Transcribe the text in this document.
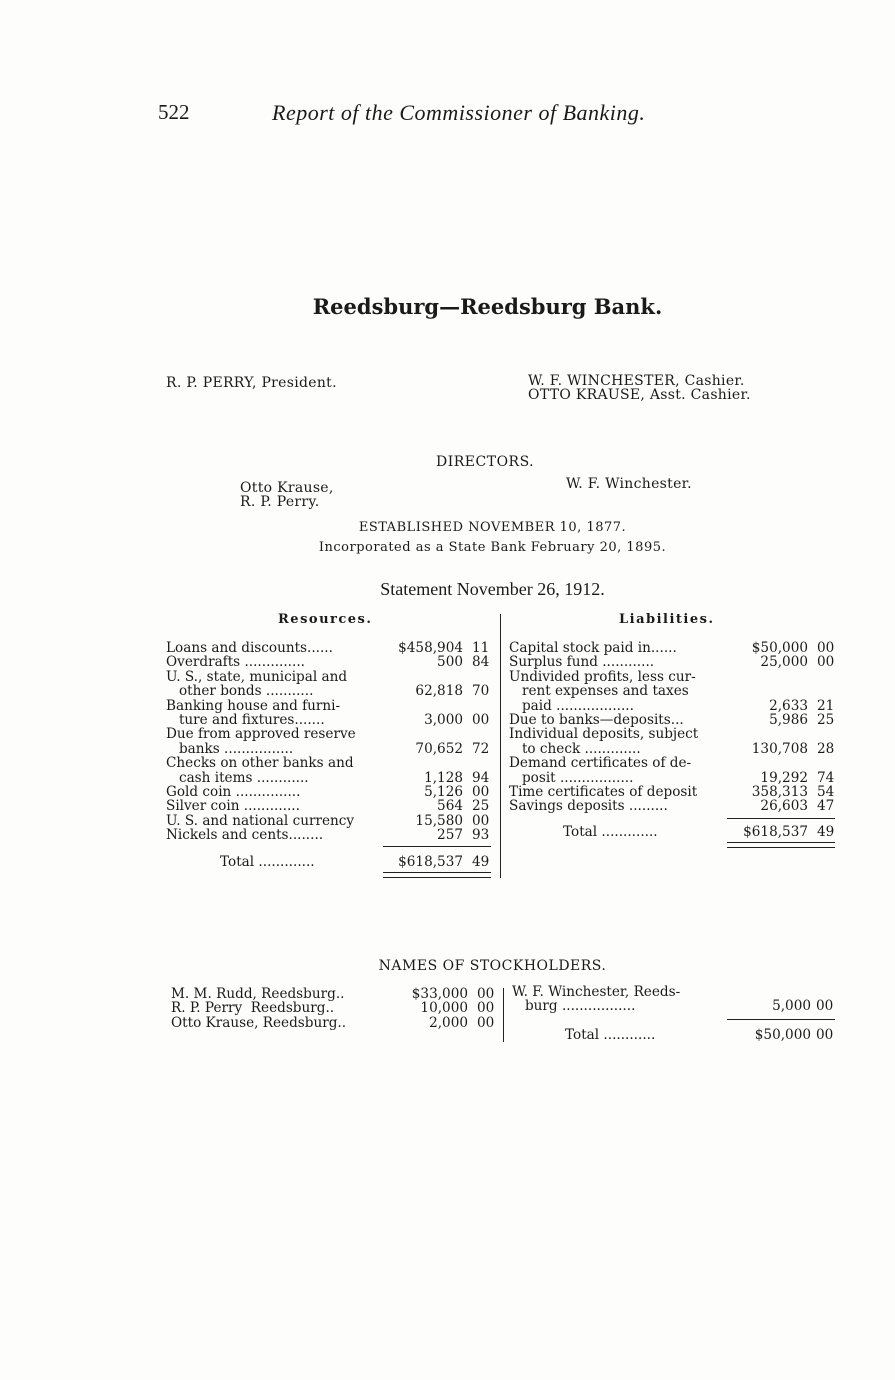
522	Report of the Commissioner of Banking.
Reedsburg—Reedsburg Bank.
R. P. PERRY, President.	W. F. WINCHESTER, Cashier.
OTTO KRAUSE, Asst. Cashier.
DIRECTORS.
Otto Krause,
R. P. Perry.
W. F. Winchester.
ESTABLISHED NOVEMBER 10, 1877.
Incorporated as a State Bank February 20, 1895.
Statement November 26, 1912.
Resources.	Liabilities.
Loans and discounts......	$458,904 11
Overdrafts ..............	500 84
U. S., state, municipal and
other bonds ...........	62,818 70
Banking house and furni-
ture and fixtures.......	3,000 00
Due from approved reserve
banks ................	70,652 72
Checks on other banks and
cash items ............	1,128 94
Gold coin ...............	5,126 00
Silver coin .............	564 25
U. S. and national currency	15,580 00
Nickels and cents........	257 93
Total .............	$618,537 49
Capital stock paid in......	$50,000 00
Surplus fund ............	25,000 00
Undivided profits, less cur-
rent expenses and taxes
paid ..................	2,633 21
Due to banks—deposits...	5,986 25
Individual deposits, subject
to check .............	130,708 28
Demand certificates of de-
posit .................	19,292 74
Time certificates of deposit	358,313 54
Savings deposits .........	26,603 47
Total .............	$618,537 49
NAMES OF STOCKHOLDERS.
M. M. Rudd, Reedsburg..	$33,000 00
R. P. Perry  Reedsburg..	10,000 00
Otto Krause, Reedsburg..	2,000 00
W. F. Winchester, Reeds-
burg .................	5,000 00
Total ............	$50,000 00
